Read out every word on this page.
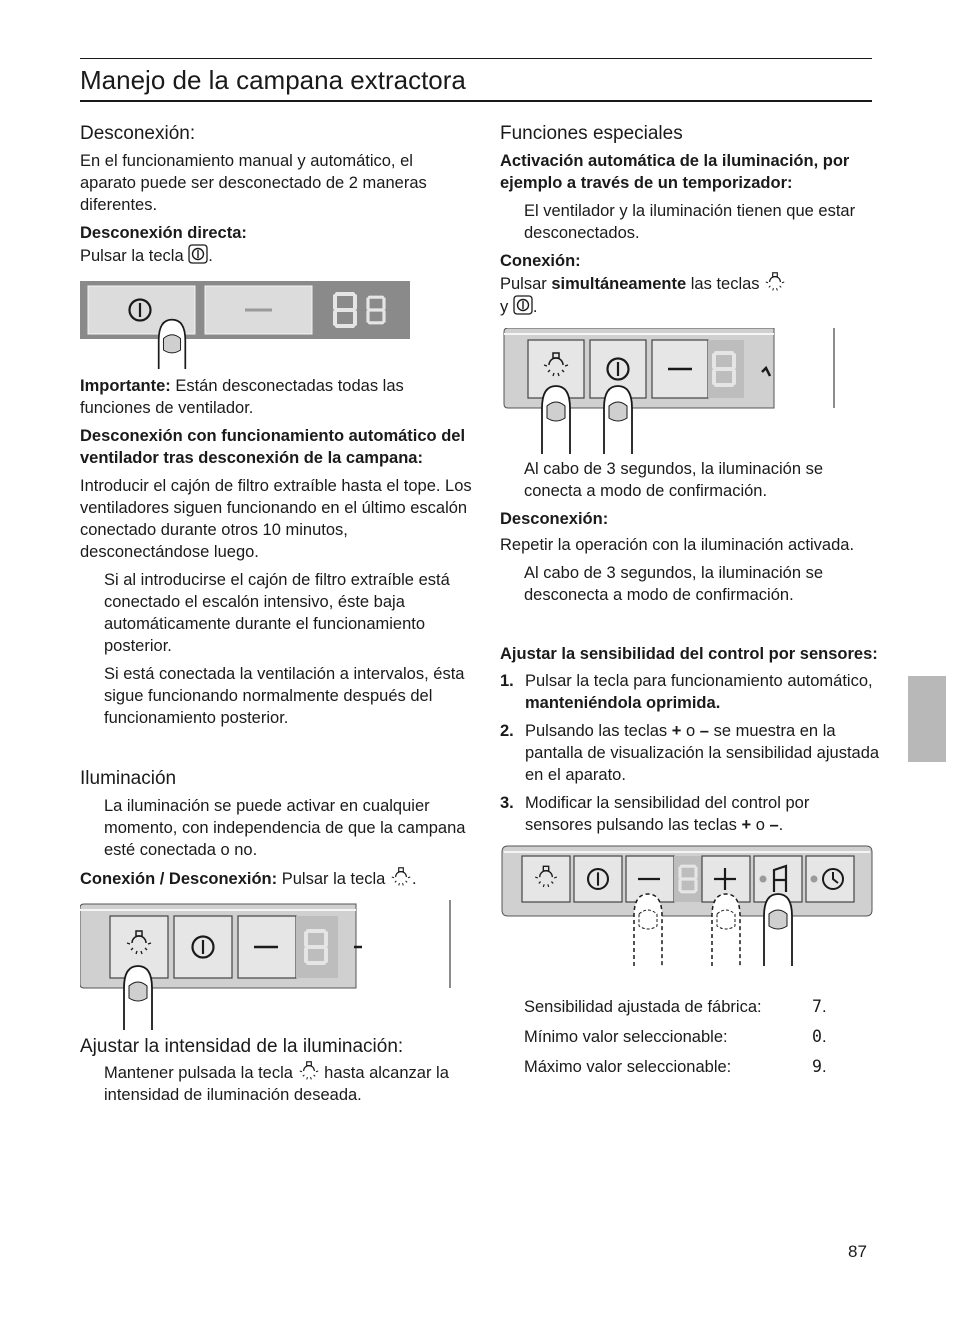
Manejo de la campana extractora
Desconexión:

En el funcionamiento manual y automático, el aparato puede ser desconectado de 2 maneras diferentes.

Desconexión directa:

Pulsar la tecla .

Importante: Están desconectadas todas las funciones de ventilador.

Desconexión con funcionamiento automático del ventilador tras desconexión de la campana:

Introducir el cajón de filtro extraíble hasta el tope. Los ventiladores siguen funcionando en el último escalón conectado durante otros 10 minutos, desconectándose luego.

Si al introducirse el cajón de filtro extraíble está conectado el escalón intensivo, éste baja automáticamente durante el funcionamiento posterior.

Si está conectada la ventilación a intervalos, ésta sigue funcionando normalmente después del funcionamiento posterior.

Iluminación

La iluminación se puede activar en cualquier momento, con independencia de que la campana esté conectada o no.

Conexión / Desconexión: Pulsar la tecla .

Ajustar la intensidad de la iluminación:

Mantener pulsada la tecla hasta alcanzar la intensidad de iluminación deseada.

Funciones especiales

Activación automática de la iluminación, por ejemplo a través de un temporizador:

El ventilador y la iluminación tienen que estar desconectados.

Conexión:

Pulsar simultáneamente las teclas
y .

Al cabo de 3 segundos, la iluminación se conecta a modo de confirmación.

Desconexión:

Repetir la operación con la iluminación activada.

Al cabo de 3 segundos, la iluminación se desconecta a modo de confirmación.

Ajustar la sensibilidad del control por sensores:

1. Pulsar la tecla para funcionamiento automático, manteniéndola oprimida.
2. Pulsando las teclas + o – se muestra en la pantalla de visualización la sensibilidad ajustada en el aparato.
3. Modificar la sensibilidad del control por sensores pulsando las teclas + o –.
Sensibilidad ajustada de fábrica:	7.
Mínimo valor seleccionable:	0.
Máximo valor seleccionable:	9.
87
